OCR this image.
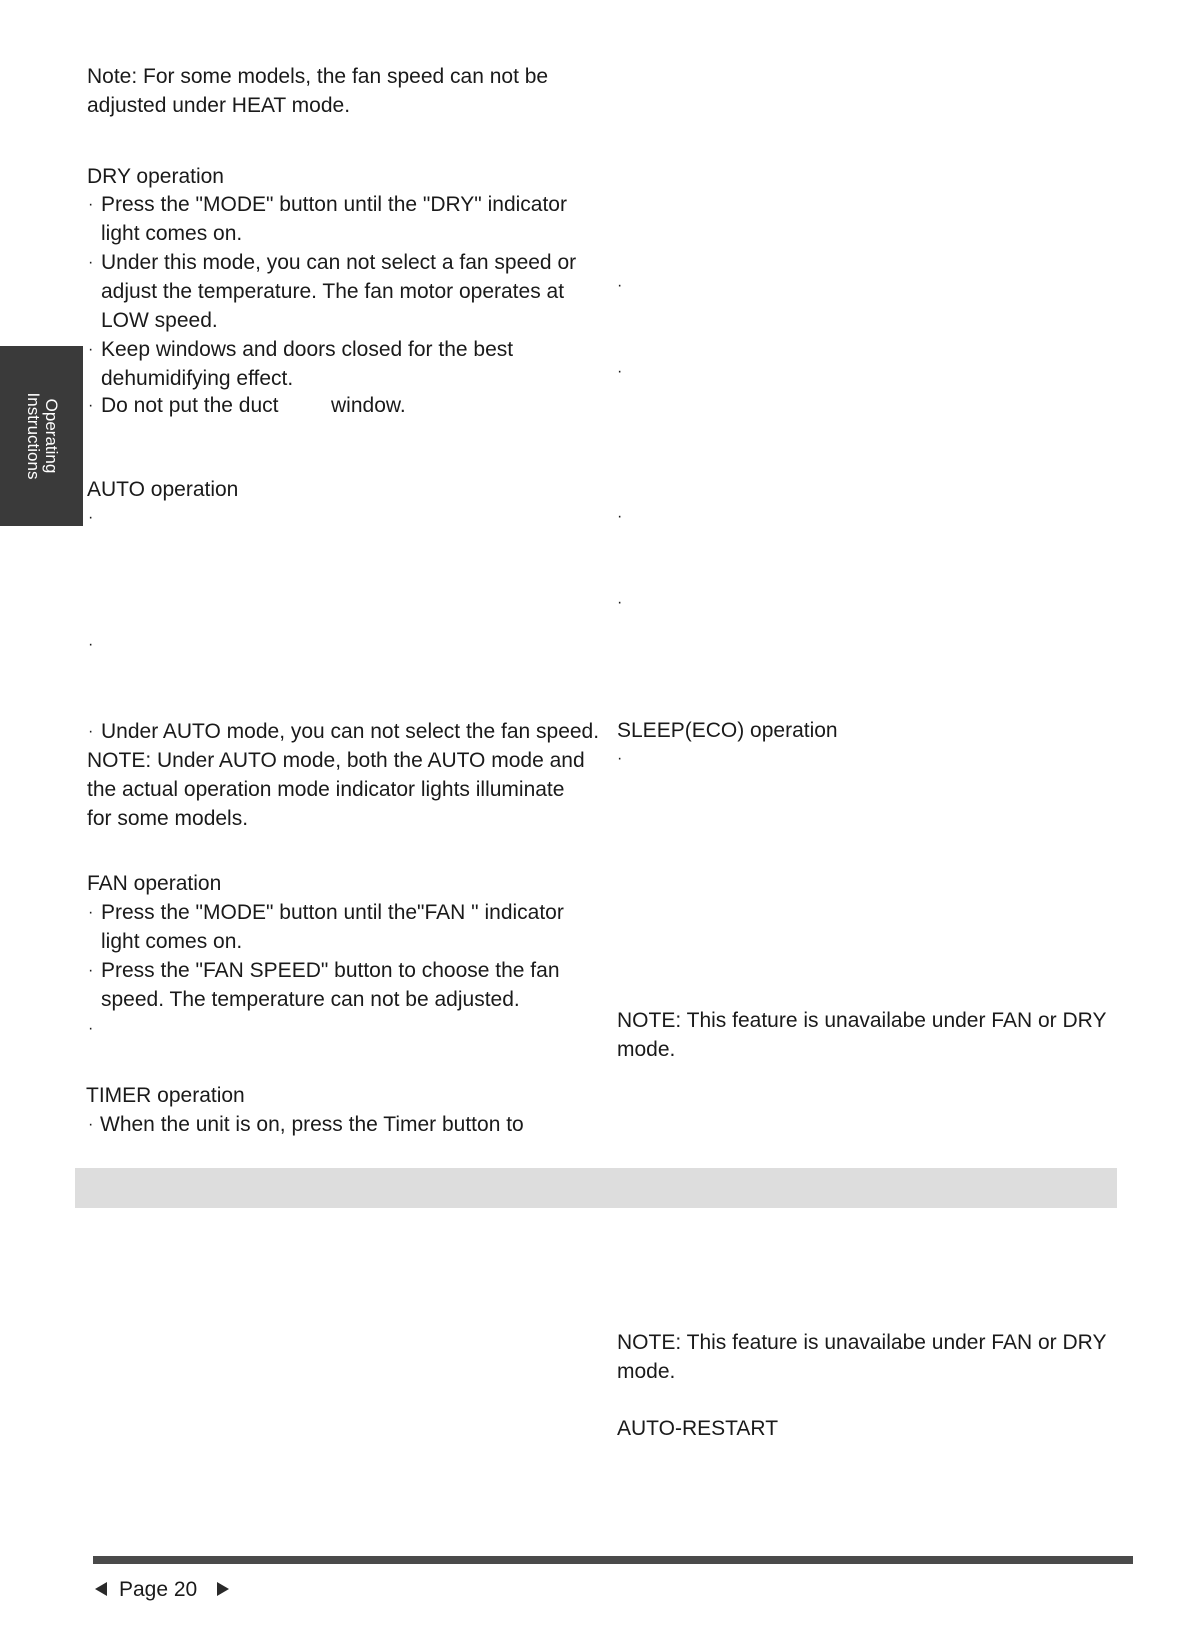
Operating
Instructions
Note: For some models, the fan speed can not be
adjusted under HEAT mode.
DRY operation
· Press the "MODE" button until the "DRY" indicator
light comes on.
· Under this mode, you can not select a fan speed or
adjust the temperature. The fan motor operates at
LOW speed.
· Keep windows and doors closed for the best
dehumidifying effect.
· Do not put the duct	window.
AUTO operation
·
·
· Under AUTO mode, you can not select the fan speed.
NOTE: Under AUTO mode, both the AUTO mode and
the actual operation mode indicator lights illuminate
for some models.
FAN operation
· Press the "MODE" button until the"FAN " indicator
light comes on.
· Press the "FAN SPEED" button to choose the fan
speed. The temperature can not be adjusted.
·
TIMER operation
· When the unit is on, press the Timer button to
·
·
·
·
SLEEP(ECO) operation
·
NOTE: This feature is unavailabe under FAN or DRY
mode.
NOTE: This feature is unavailabe under FAN or DRY
mode.
AUTO-RESTART
Page 20
